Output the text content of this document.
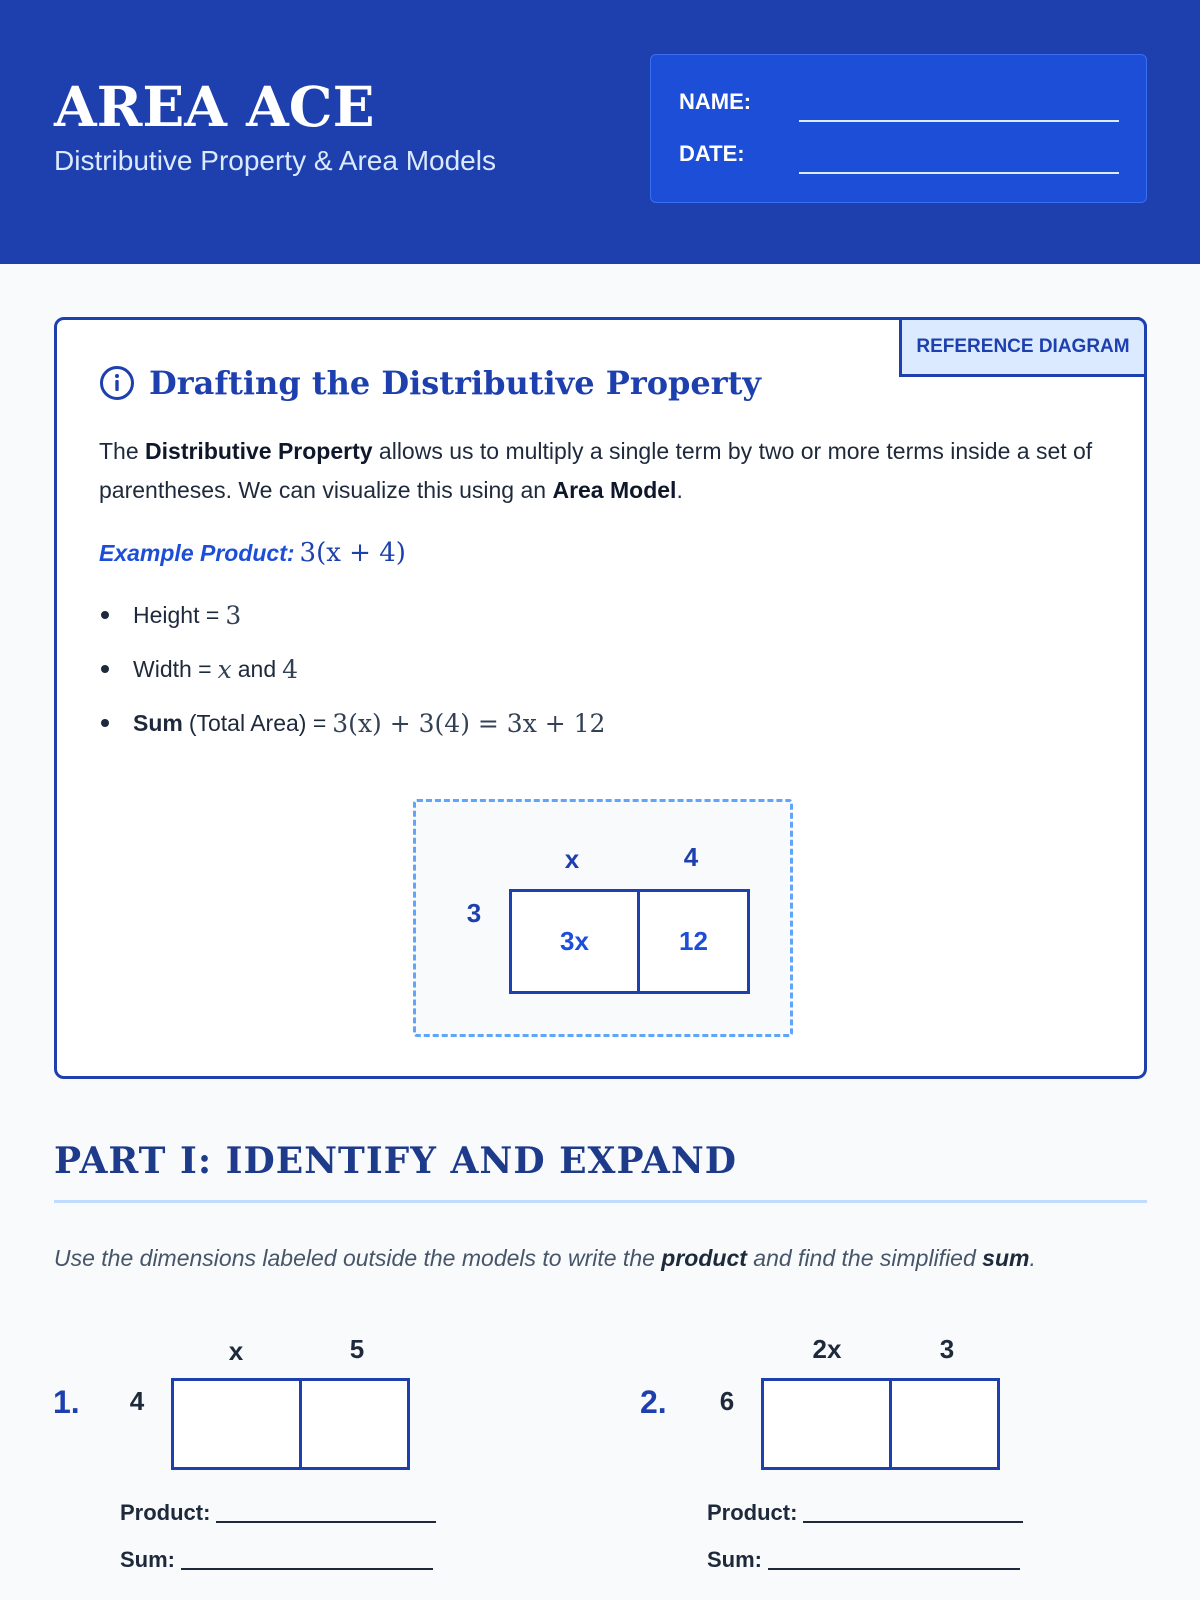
AREA ACE
Distributive Property & Area Models
NAME:
DATE:
REFERENCE DIAGRAM
Drafting the Distributive Property
The Distributive Property allows us to multiply a single term by two or more terms inside a set of parentheses. We can visualize this using an Area Model.
Example Product: 3(x + 4)
Height = 3
Width = x and 4
Sum (Total Area) = 3(x) + 3(4) = 3x + 12
3
x	4
3x	12
PART I: IDENTIFY AND EXPAND
Use the dimensions labeled outside the models to write the product and find the simplified sum.
1.	4
x	5
Product:
Sum:
2.	6
2x	3
Product:
Sum:
